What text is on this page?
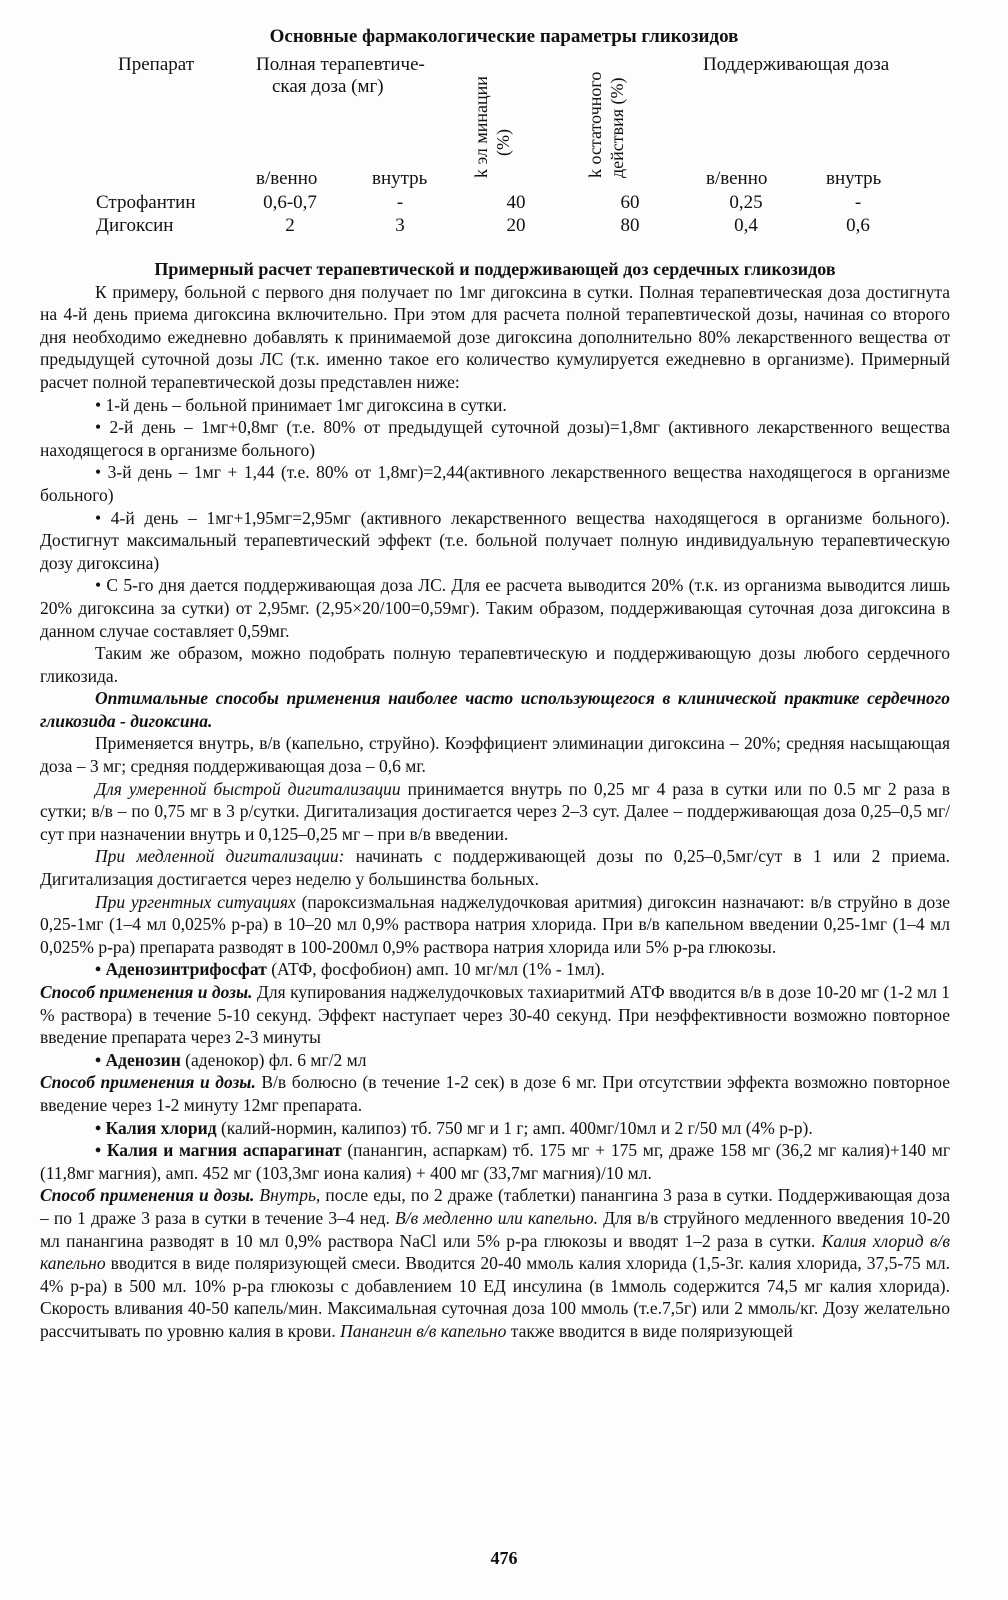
Основные фармакологические параметры гликозидов
Препарат	Полная терапевтиче-
ская доза (мг)	k эл минации (%)	k остаточного действия (%)
Поддерживающая доза
в/венно	внутрь	в/венно	внутрь
Строфантин	0,6-0,7	-	40	60	0,25	-
Дигоксин	2	3	20	80	0,4	0,6

Примерный расчет терапевтической и поддерживающей доз сердечных гликозидов

К примеру, больной с первого дня получает по 1мг дигоксина в сутки. Полная терапевтическая доза достигнута на 4-й день приема дигоксина включительно. При этом для расчета полной терапевтической дозы, начиная со второго дня необходимо ежедневно добавлять к принимаемой дозе дигоксина дополнительно 80% лекарственного вещества от предыдущей суточной дозы ЛС (т.к. именно такое его количество кумулируется ежедневно в организме). Примерный расчет полной терапевтической дозы представлен ниже:

• 1-й день – больной принимает 1мг дигоксина в сутки.

• 2-й день – 1мг+0,8мг (т.е. 80% от предыдущей суточной дозы)=1,8мг (активного лекарственного вещества находящегося в организме больного)

• 3-й день – 1мг + 1,44 (т.е. 80% от 1,8мг)=2,44(активного лекарственного вещества находящегося в организме больного)

• 4-й день – 1мг+1,95мг=2,95мг (активного лекарственного вещества находящегося в организме больного). Достигнут максимальный терапевтический эффект (т.е. больной получает полную индивидуальную терапевтическую дозу дигоксина)

• С 5-го дня дается поддерживающая доза ЛС. Для ее расчета выводится 20% (т.к. из организма выводится лишь 20% дигоксина за сутки) от 2,95мг. (2,95×20/100=0,59мг). Таким образом, поддерживающая суточная доза дигоксина в данном случае составляет 0,59мг.

Таким же образом, можно подобрать полную терапевтическую и поддерживающую дозы любого сердечного гликозида.

Оптимальные способы применения наиболее часто использующегося в клинической практике сердечного гликозида - дигоксина.

Применяется внутрь, в/в (капельно, струйно). Коэффициент элиминации дигоксина – 20%; средняя насыщающая доза – 3 мг; средняя поддерживающая доза – 0,6 мг.

Для умеренной быстрой дигитализации принимается внутрь по 0,25 мг 4 раза в сутки или по 0.5 мг 2 раза в сутки; в/в – по 0,75 мг в 3 р/сутки. Дигитализация достигается через 2–3 сут. Далее – поддерживающая доза 0,25–0,5 мг/сут при назначении внутрь и 0,125–0,25 мг – при в/в введении.

При медленной дигитализации: начинать с поддерживающей дозы по 0,25–0,5мг/сут в 1 или 2 приема. Дигитализация достигается через неделю у большинства больных.

При ургентных ситуациях (пароксизмальная наджелудочковая аритмия) дигоксин назначают: в/в струйно в дозе 0,25-1мг (1–4 мл 0,025% р-ра) в 10–20 мл 0,9% раствора натрия хлорида. При в/в капельном введении 0,25-1мг (1–4 мл 0,025% р-ра) препарата разводят в 100-200мл 0,9% раствора натрия хлорида или 5% р-ра глюкозы.

• Аденозинтрифосфат (АТФ, фосфобион) амп. 10 мг/мл (1% - 1мл).

Способ применения и дозы. Для купирования наджелудочковых тахиаритмий АТФ вводится в/в в дозе 10-20 мг (1-2 мл 1 % раствора) в течение 5-10 секунд. Эффект наступает через 30-40 секунд. При неэффективности возможно повторное введение препарата через 2-3 минуты

• Аденозин (аденокор) фл. 6 мг/2 мл

Способ применения и дозы. В/в болюсно (в течение 1-2 сек) в дозе 6 мг. При отсутствии эффекта возможно повторное введение через 1-2 минуту 12мг препарата.

• Калия хлорид (калий-нормин, калипоз) тб. 750 мг и 1 г; амп. 400мг/10мл и 2 г/50 мл (4% р-р).

• Калия и магния аспарагинат (панангин, аспаркам) тб. 175 мг + 175 мг, драже 158 мг (36,2 мг калия)+140 мг (11,8мг магния), амп. 452 мг (103,3мг иона калия) + 400 мг (33,7мг магния)/10 мл.

Способ применения и дозы. Внутрь, после еды, по 2 драже (таблетки) панангина 3 раза в сутки. Поддерживающая доза – по 1 драже 3 раза в сутки в течение 3–4 нед. В/в медленно или капельно. Для в/в струйного медленного введения 10-20 мл панангина разводят в 10 мл 0,9% раствора NaCl или 5% р-ра глюкозы и вводят 1–2 раза в сутки. Калия хлорид в/в капельно вводится в виде поляризующей смеси. Вводится 20-40 ммоль калия хлорида (1,5-3г. калия хлорида, 37,5-75 мл. 4% р-ра) в 500 мл. 10% р-ра глюкозы с добавлением 10 ЕД инсулина (в 1ммоль содержится 74,5 мг калия хлорида). Скорость вливания 40-50 капель/мин. Максимальная суточная доза 100 ммоль (т.е.7,5г) или 2 ммоль/кг. Дозу желательно рассчитывать по уровню калия в крови. Панангин в/в капельно также вводится в виде поляризующей

476
